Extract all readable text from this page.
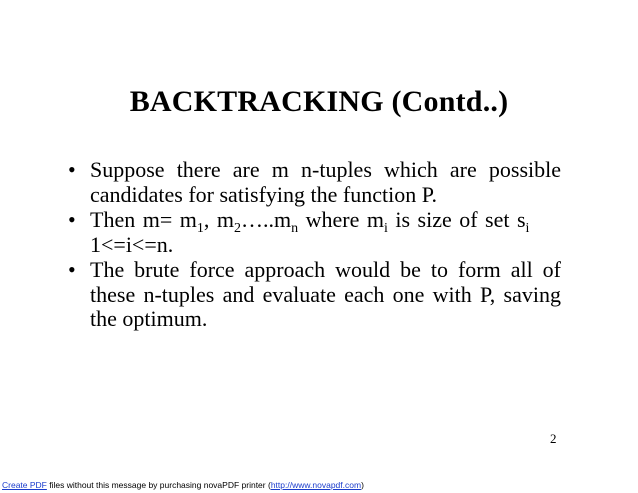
BACKTRACKING (Contd..)
• Suppose there are m n-tuples which are possible candidates for satisfying the function P.
• Then $m= m_1$, $m_2\dots..m_n$ where $m_i$ is size of set $s_i$ 1<=i<=n.
• The brute force approach would be to form all of these n-tuples and evaluate each one with P, saving the optimum.
2
Create PDF files without this message by purchasing novaPDF printer (http://www.novapdf.com)
